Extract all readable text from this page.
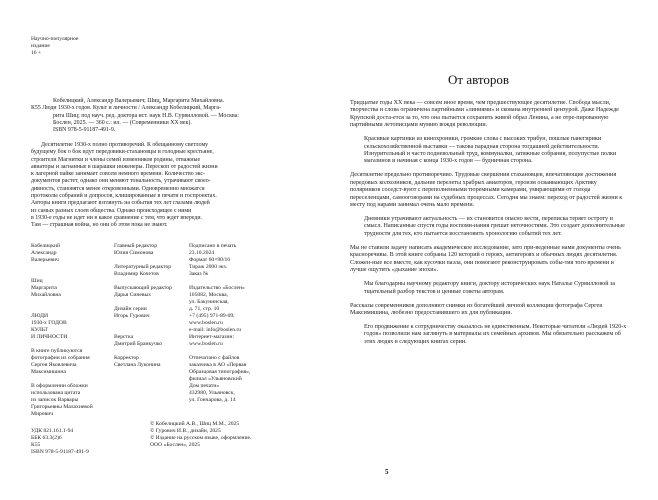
Научно-популярное
издание
16 +
Кобелицкий, Александр Валерьевич; Шиц, Маргарита Михайловна.
К55 Люди 1930-х годов. Культ и личности / Александр Кобелицкий, Марга-
рита Шиц; под науч. ред. доктора ист. наук Н.В. Сурвилловой. — Москва:
Бослен, 2025. — 360 с.: ил. — (Современники XX век).
ISBN 978-5-91187-491-9.
Десятилетие 1930-х полно противоречий. К обещанному светлому
будущему бок о бок идут передовики-стахановцы и голодные крестьяне,
строители Магнитки и члены семей изменников родины, отважные
авиаторы и загнанные в шарашки инженеры. Перескоп от радостей жизни
к лагерной пайке занимает совсем немного времени. Количество экс-
документов растет, однако они меняют тональность, утрачивают своео-
дивность, становятся менее откровенными. Одновременно множатся
протоколы собраний и допросов, клишированные в печати и госпроектах.
Авторы книги предлагают взглянуть на события тех лет глазами людей
из самых разных слоев общества. Однако происходящее с ними
в 1930-е годы не идет ни в какое сравнение с тем, что ждет впереди.
Там — страшная война, но они об этом пока не знают.
Кобелицкий
Александр
Валерьевич
Шиц
Маргарита
Михайловна
ЛЮДИ
1930-х ГОДОВ
КУЛЬТ
И ЛИЧНОСТИ
В книге публикуются
фотографии из собрания
Сергея Яковлевича
Максимишина
В оформлении обложки
использована цитата
из записок Варвары
Григорьевны Малахиевой
Мирович
Главный редактор
Юлия Симонова
Литературный редактор
Владимир Кочетов
Выпускающий редактор
Дарья Синевых
Дизайн серии
Игорь Гурович
Верстка
Дмитрий Бранкучко
Корректор
Светлана Луконина
Подписано в печать
23.10.2024
Формат 60×90/16
Тираж 2000 экз.
Заказ №
Издательство «Бослен»
105082, Москва,
ул. Бакунинская,
д. 71, стр. 10
+7 (495) 971-89-09;
www.boslen.ru
e-mail: info@boslen.ru
Интернет-магазин:
www.boslen.ru
Отпечатано с файлов
заказчика в АО «Первая
Образцовая типография»,
филиал «Ульяновский
Дом печати»
432980, Ульяновск,
ул. Гончарова, д. 14
УДК 821.161.1-94
ББК 63.3(2)6
К55
ISBN 978-5-91187-491-9
© Кобелицкий А.В., Шиц М.М., 2025
© Гурович И.В., дизайн, 2025
© Издание на русском языке, оформление.
ООО «Бослен», 2025
От авторов

Тридцатые годы XX века — совсем иное время, чем предшествующее десятилетие. Свобода мысли, творчества и слова ограничена партийными «линиями» и скована внутренней цензурой. Даже Надежде Крупской доста-ется за то, что она пытается сохранить живой образ Ленина, а не отре-пированную партийными летописцами мумию вождя революции.

Красивые картинки из кинохроники, громкие слова с высоких трибун, пошлые панегирики сельскохозяйственной выставки — такова парадная сторона тогдашней действительности. Изнурительный и часто подневольный труд, коммуналки, затяжные собрания, полупустые полки магазинов и начиная с конца 1930-х годов — будничная сторона.

Десятилетие предельно противоречиво. Трудовые свершения стахановцев, впечатляющие достижения передовых колхозников, дальние перелеты храбрых авиаторов, героизм осваивающих Арктику полярников соседст-вуют с переполненными тюремными камерами, умирающими от голода переселенцами, самооговорами на судебных процессах. Сегодня мы знаем: переход от радостей жизни к месту под нарами занимал очень мало времени.

Дневники утрачивают актуальность — их становится опасно вести, переписка теряет остроту и смысл. Написанные спустя годы воспоми-нания грешат неточностями. Это создает дополнительные трудности для тех, кто пытается восстановить хронологию событий тех лет.

Мы не ставили задачу написать академическое исследование, зато при-веденные нами документы очень красноречивы. В этой книге собраны 120 историй о героях, антигероях и обычных людях десятилетия. Сложен-ные все вместе, как кусочки пазла, они помогают реконструировать собы-тия того времени и лучше ощутить «дыхание эпохи».

Мы благодарны научному редактору книги, доктору исторических наук Наталье Сурвилловой за тщательный разбор текстов и ценные советы авторам.

Рассказы современников дополняют снимки из богатейшей личной коллекции фотографа Сергея Максимишина, любезно предоставившего их для публикации.

Его продвижение к сотрудничеству оказалось не единственным. Некоторые читатели «Людей 1920-х годов» позволили нам заглянуть в материалы их семейных архивов. Мы обязательно расскажем об этих людях в следующих книгах серии.

5
